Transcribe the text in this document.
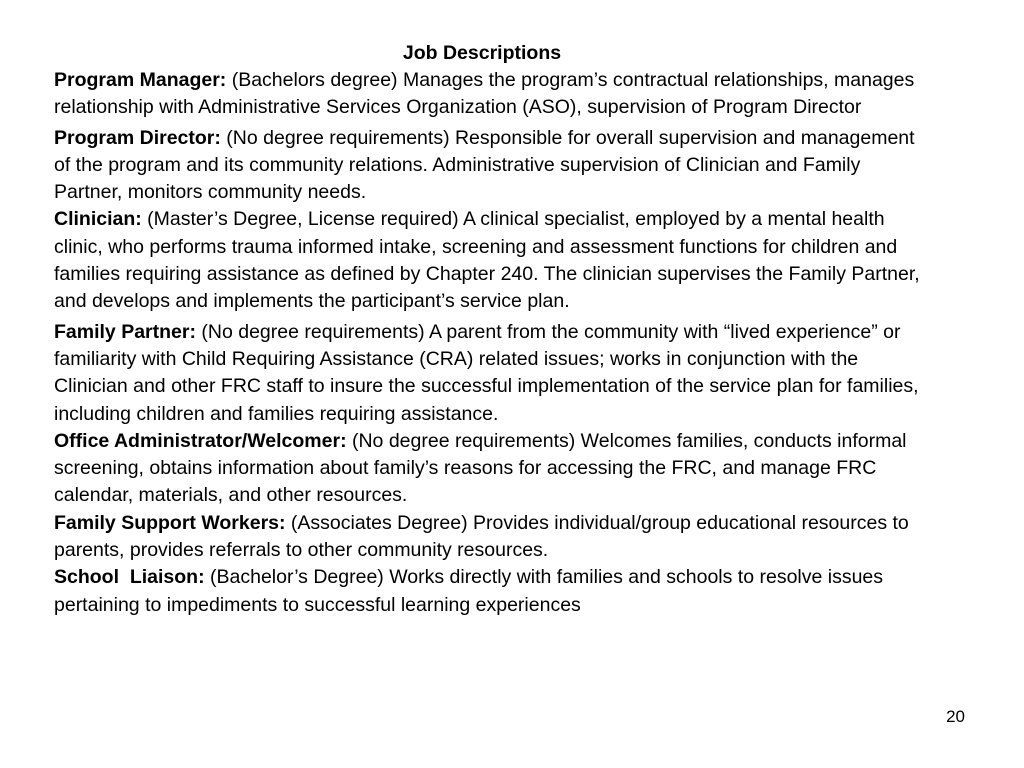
Job Descriptions

Program Manager: (Bachelors degree) Manages the program’s contractual relationships, manages relationship with Administrative Services Organization (ASO), supervision of Program Director

Program Director: (No degree requirements) Responsible for overall supervision and management of the program and its community relations. Administrative supervision of Clinician and Family Partner, monitors community needs.

Clinician: (Master’s Degree, License required) A clinical specialist, employed by a mental health clinic, who performs trauma informed intake, screening and assessment functions for children and families requiring assistance as defined by Chapter 240. The clinician supervises the Family Partner, and develops and implements the participant’s service plan.

Family Partner: (No degree requirements) A parent from the community with “lived experience” or familiarity with Child Requiring Assistance (CRA) related issues; works in conjunction with the Clinician and other FRC staff to insure the successful implementation of the service plan for families, including children and families requiring assistance.

Office Administrator/Welcomer: (No degree requirements) Welcomes families, conducts informal screening, obtains information about family’s reasons for accessing the FRC, and manage FRC calendar, materials, and other resources.

Family Support Workers: (Associates Degree) Provides individual/group educational resources to parents, provides referrals to other community resources.

School  Liaison: (Bachelor’s Degree) Works directly with families and schools to resolve issues pertaining to impediments to successful learning experiences

20
